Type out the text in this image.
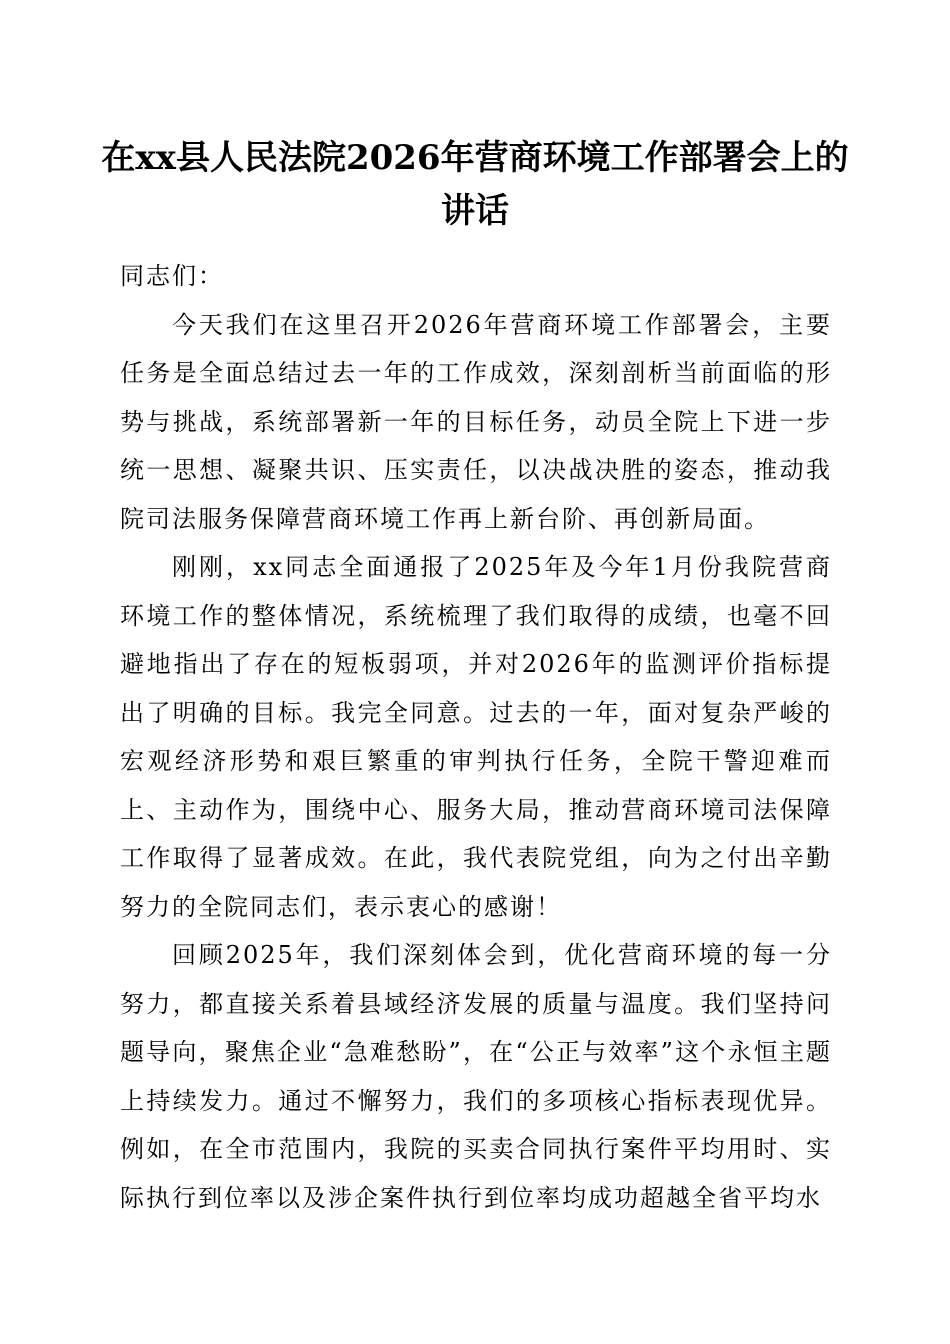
在xx县人民法院2026年营商环境工作部署会上的讲话

同志们：

今天我们在这里召开2026年营商环境工作部署会，主要任务是全面总结过去一年的工作成效，深刻剖析当前面临的形势与挑战，系统部署新一年的目标任务，动员全院上下进一步统一思想、凝聚共识、压实责任，以决战决胜的姿态，推动我院司法服务保障营商环境工作再上新台阶、再创新局面。

刚刚，xx同志全面通报了2025年及今年1月份我院营商环境工作的整体情况，系统梳理了我们取得的成绩，也毫不回避地指出了存在的短板弱项，并对2026年的监测评价指标提出了明确的目标。我完全同意。过去的一年，面对复杂严峻的宏观经济形势和艰巨繁重的审判执行任务，全院干警迎难而上、主动作为，围绕中心、服务大局，推动营商环境司法保障工作取得了显著成效。在此，我代表院党组，向为之付出辛勤努力的全院同志们，表示衷心的感谢！

回顾2025年，我们深刻体会到，优化营商环境的每一分努力，都直接关系着县域经济发展的质量与温度。我们坚持问题导向，聚焦企业“急难愁盼”，在“公正与效率”这个永恒主题上持续发力。通过不懈努力，我们的多项核心指标表现优异。例如，在全市范围内，我院的买卖合同执行案件平均用时、实际执行到位率以及涉企案件执行到位率均成功超越全省平均水
